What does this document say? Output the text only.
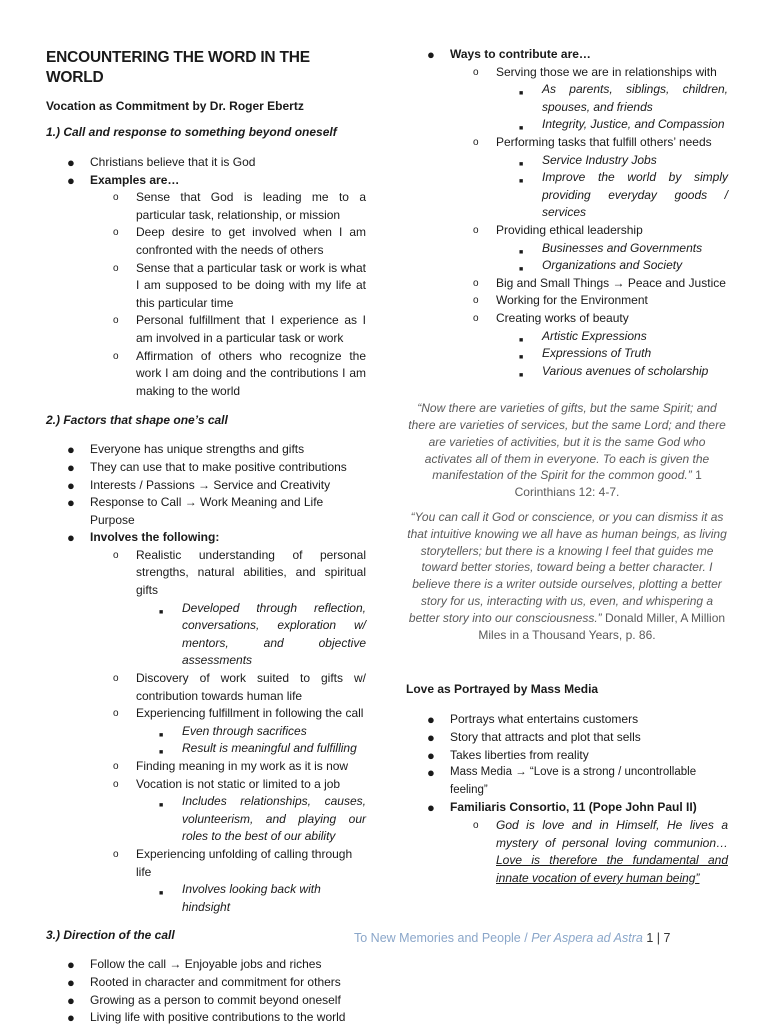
ENCOUNTERING THE WORD IN THE WORLD
Vocation as Commitment by Dr. Roger Ebertz
1.) Call and response to something beyond oneself
● Christians believe that it is God
● Examples are…
o Sense that God is leading me to a particular task, relationship, or mission
o Deep desire to get involved when I am confronted with the needs of others
o Sense that a particular task or work is what I am supposed to be doing with my life at this particular time
o Personal fulfillment that I experience as I am involved in a particular task or work
o Affirmation of others who recognize the work I am doing and the contributions I am making to the world
2.) Factors that shape one’s call
● Everyone has unique strengths and gifts
● They can use that to make positive contributions
● Interests / Passions → Service and Creativity
● Response to Call → Work Meaning and Life Purpose
● Involves the following:
o Realistic understanding of personal strengths, natural abilities, and spiritual gifts
■ Developed through reflection, conversations, exploration w/ mentors, and objective assessments
o Discovery of work suited to gifts w/ contribution towards human life
o Experiencing fulfillment in following the call
■ Even through sacrifices
■ Result is meaningful and fulfilling
o Finding meaning in my work as it is now
o Vocation is not static or limited to a job
■ Includes relationships, causes, volunteerism, and playing our roles to the best of our ability
o Experiencing unfolding of calling through life
■ Involves looking back with hindsight
3.) Direction of the call
● Follow the call → Enjoyable jobs and riches
● Rooted in character and commitment for others
● Growing as a person to commit beyond oneself
● Living life with positive contributions to the world
● Ways to contribute are…
o Serving those we are in relationships with
■ As parents, siblings, children, spouses, and friends
■ Integrity, Justice, and Compassion
o Performing tasks that fulfill others’ needs
■ Service Industry Jobs
■ Improve the world by simply providing everyday goods / services
o Providing ethical leadership
■ Businesses and Governments
■ Organizations and Society
o Big and Small Things → Peace and Justice
o Working for the Environment
o Creating works of beauty
■ Artistic Expressions
■ Expressions of Truth
■ Various avenues of scholarship
“Now there are varieties of gifts, but the same Spirit; and there are varieties of services, but the same Lord; and there are varieties of activities, but it is the same God who activates all of them in everyone. To each is given the manifestation of the Spirit for the common good.” 1 Corinthians 12: 4-7.
“You can call it God or conscience, or you can dismiss it as that intuitive knowing we all have as human beings, as living storytellers; but there is a knowing I feel that guides me toward better stories, toward being a better character. I believe there is a writer outside ourselves, plotting a better story for us, interacting with us, even, and whispering a better story into our consciousness.” Donald Miller, A Million Miles in a Thousand Years, p. 86.
Love as Portrayed by Mass Media
● Portrays what entertains customers
● Story that attracts and plot that sells
● Takes liberties from reality
● Mass Media → “Love is a strong / uncontrollable feeling”
● Familiaris Consortio, 11 (Pope John Paul II)
o God is love and in Himself, He lives a mystery of personal loving communion… Love is therefore the fundamental and innate vocation of every human being”
To New Memories and People / Per Aspera ad Astra 1 | 7
